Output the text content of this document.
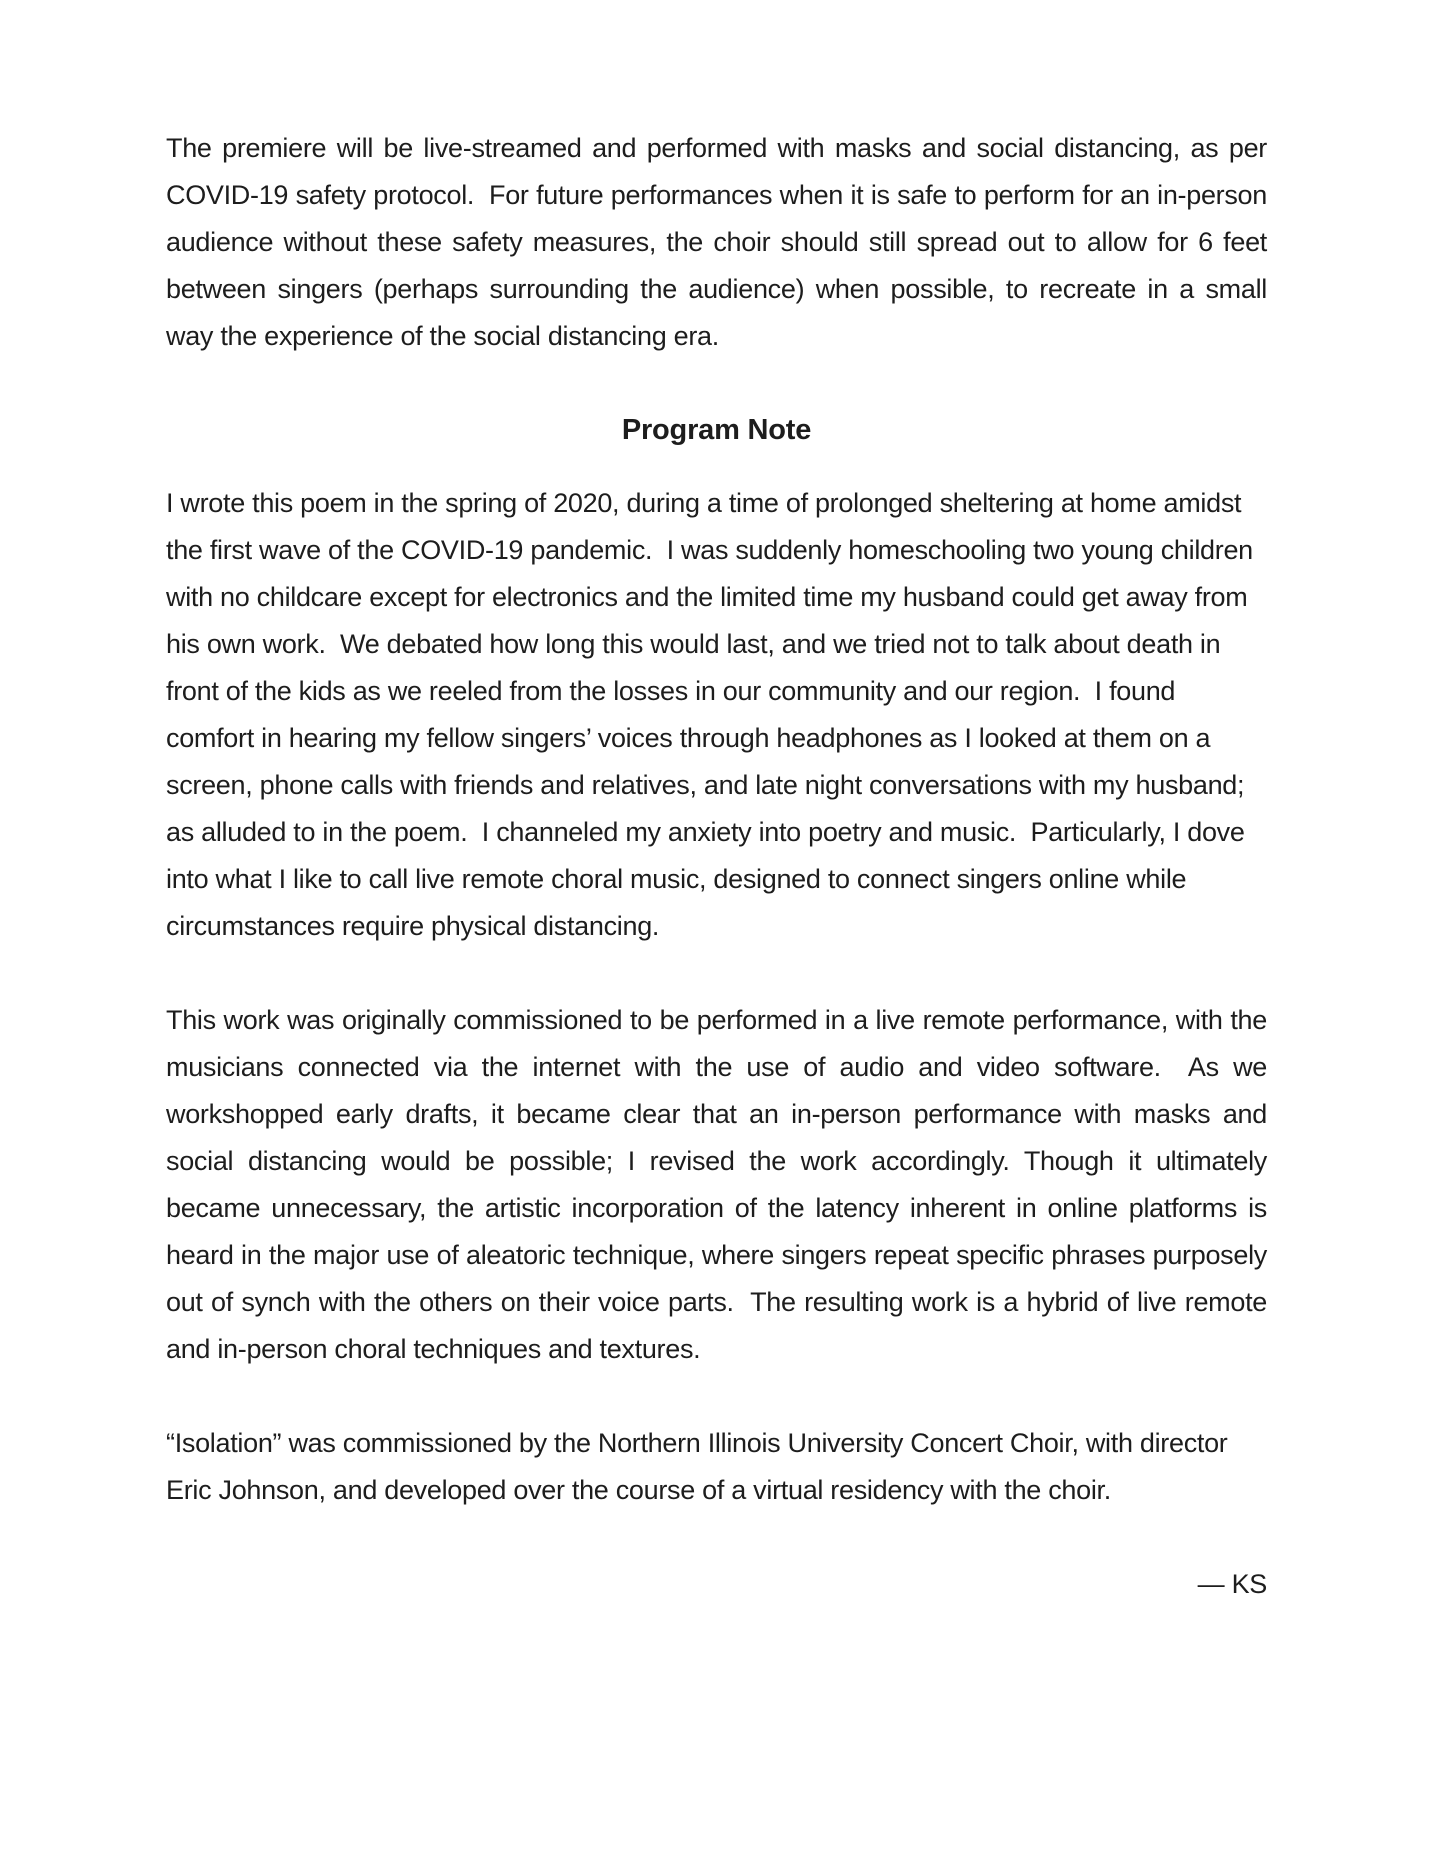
The premiere will be live-streamed and performed with masks and social distancing, as per COVID-19 safety protocol.  For future performances when it is safe to perform for an in-person audience without these safety measures, the choir should still spread out to allow for 6 feet between singers (perhaps surrounding the audience) when possible, to recreate in a small way the experience of the social distancing era.

Program Note

I wrote this poem in the spring of 2020, during a time of prolonged sheltering at home amidst the first wave of the COVID-19 pandemic.  I was suddenly homeschooling two young children with no childcare except for electronics and the limited time my husband could get away from his own work.  We debated how long this would last, and we tried not to talk about death in front of the kids as we reeled from the losses in our community and our region.  I found comfort in hearing my fellow singers’ voices through headphones as I looked at them on a screen, phone calls with friends and relatives, and late night conversations with my husband; as alluded to in the poem.  I channeled my anxiety into poetry and music.  Particularly, I dove into what I like to call live remote choral music, designed to connect singers online while circumstances require physical distancing.

This work was originally commissioned to be performed in a live remote performance, with the musicians connected via the internet with the use of audio and video software.  As we workshopped early drafts, it became clear that an in-person performance with masks and social distancing would be possible; I revised the work accordingly. Though it ultimately became unnecessary, the artistic incorporation of the latency inherent in online platforms is heard in the major use of aleatoric technique, where singers repeat specific phrases purposely out of synch with the others on their voice parts.  The resulting work is a hybrid of live remote and in-person choral techniques and textures.

“Isolation” was commissioned by the Northern Illinois University Concert Choir, with director Eric Johnson, and developed over the course of a virtual residency with the choir.

— KS
